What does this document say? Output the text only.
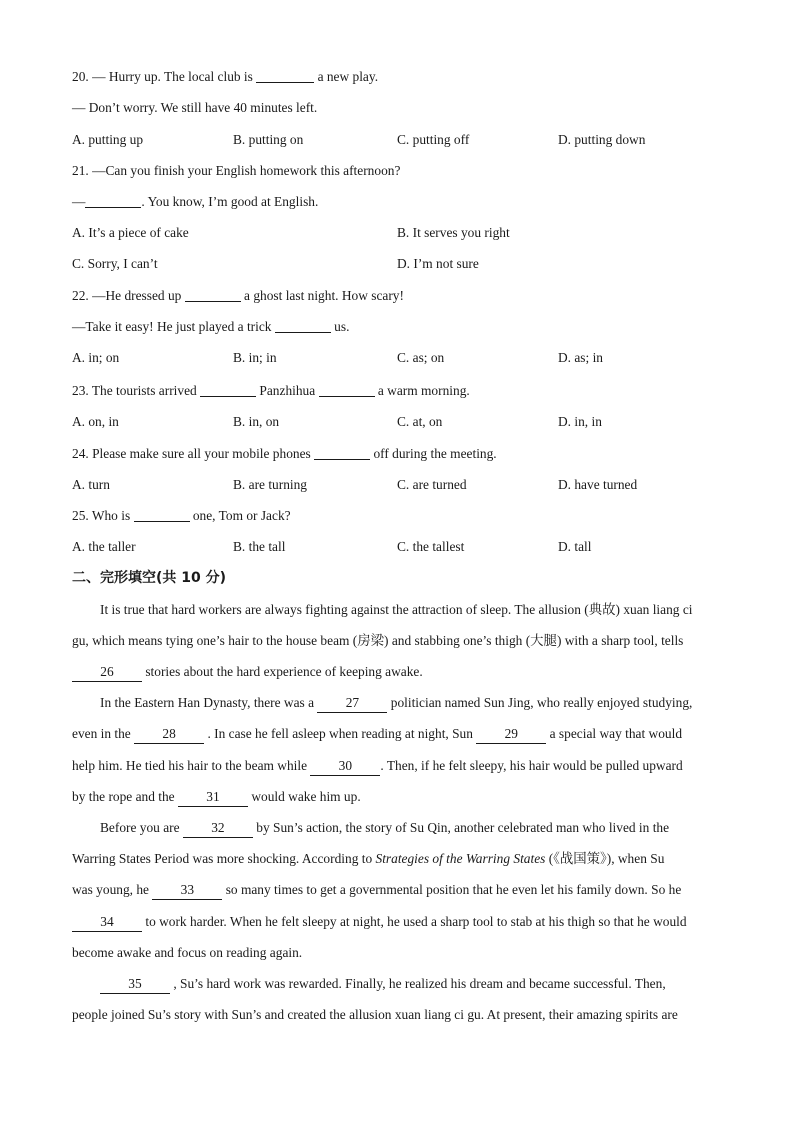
20. — Hurry up. The local club is	a new play.
— Don’t worry. We still have 40 minutes left.
A. putting up	B. putting on	C. putting off	D. putting down
21. —Can you finish your English homework this afternoon?
—	. You know, I’m good at English.
A. It’s a piece of cake	B. It serves you right
C. Sorry, I can’t	D. I’m not sure
22. —He dressed up	a ghost last night. How scary!
—Take it easy! He just played a trick	us.
A. in; on	B. in; in	C. as; on	D. as; in
23. The tourists arrived	Panzhihua	a warm morning.
A. on, in	B. in, on	C. at, on	D. in, in
24. Please make sure all your mobile phones	off during the meeting.
A. turn	B. are turning	C. are turned	D. have turned
25. Who is	one, Tom or Jack?
A. the taller	B. the tall	C. the tallest	D. tall
二、完形填空(共 10 分)
It is true that hard workers are always fighting against the attraction of sleep. The allusion (典故) xuan liang ci
gu, which means tying one’s hair to the house beam (房梁) and stabbing one’s thigh (大腿) with a sharp tool, tells
26 stories about the hard experience of keeping awake.
In the Eastern Han Dynasty, there was a 27 politician named Sun Jing, who really enjoyed studying,
even in the 28 . In case he fell asleep when reading at night, Sun 29 a special way that would
help him. He tied his hair to the beam while 30 . Then, if he felt sleepy, his hair would be pulled upward
by the rope and the 31 would wake him up.
Before you are 32 by Sun’s action, the story of Su Qin, another celebrated man who lived in the
Warring States Period was more shocking. According to Strategies of the Warring States (《战国策》), when Su
was young, he 33 so many times to get a governmental position that he even let his family down. So he
34 to work harder. When he felt sleepy at night, he used a sharp tool to stab at his thigh so that he would
become awake and focus on reading again.
35 , Su’s hard work was rewarded. Finally, he realized his dream and became successful. Then,
people joined Su’s story with Sun’s and created the allusion xuan liang ci gu. At present, their amazing spirits are
